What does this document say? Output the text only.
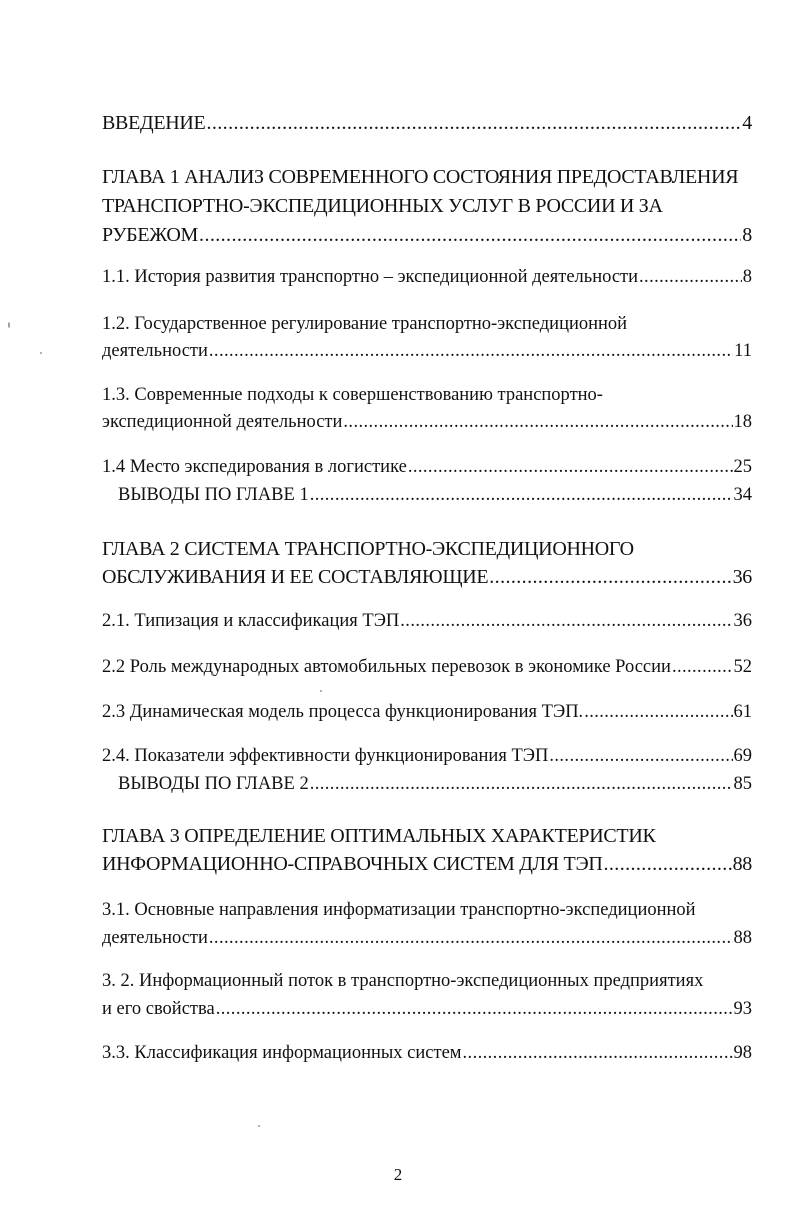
ВВЕДЕНИЕ .....	4
ГЛАВА 1 АНАЛИЗ СОВРЕМЕННОГО СОСТОЯНИЯ ПРЕДОСТАВЛЕНИЯ
ТРАНСПОРТНО-ЭКСПЕДИЦИОННЫХ УСЛУГ В РОССИИ И ЗА
РУБЕЖОМ .....	8
1.1. История развития транспортно – экспедиционной деятельности .....	8
1.2. Государственное регулирование транспортно-экспедиционной
деятельности .....	11
1.3. Современные подходы к совершенствованию транспортно-
экспедиционной деятельности .....	18
1.4 Место экспедирования в логистике .....	25
ВЫВОДЫ ПО ГЛАВЕ 1 .....	34
ГЛАВА 2 СИСТЕМА ТРАНСПОРТНО-ЭКСПЕДИЦИОННОГО
ОБСЛУЖИВАНИЯ И ЕЕ СОСТАВЛЯЮЩИЕ .....	36
2.1. Типизация и классификация ТЭП .....	36
2.2 Роль международных автомобильных перевозок в экономике России .....	52
2.3 Динамическая модель процесса функционирования ТЭП. .....	61
2.4. Показатели эффективности функционирования ТЭП .....	69
ВЫВОДЫ ПО ГЛАВЕ 2 .....	85
ГЛАВА 3 ОПРЕДЕЛЕНИЕ ОПТИМАЛЬНЫХ ХАРАКТЕРИСТИК
ИНФОРМАЦИОННО-СПРАВОЧНЫХ СИСТЕМ ДЛЯ ТЭП .....	88
3.1. Основные направления информатизации транспортно-экспедиционной
деятельности .....	88
3. 2. Информационный поток в транспортно-экспедиционных предприятиях
и его свойства .....	93
3.3. Классификация информационных систем .....	98
2
